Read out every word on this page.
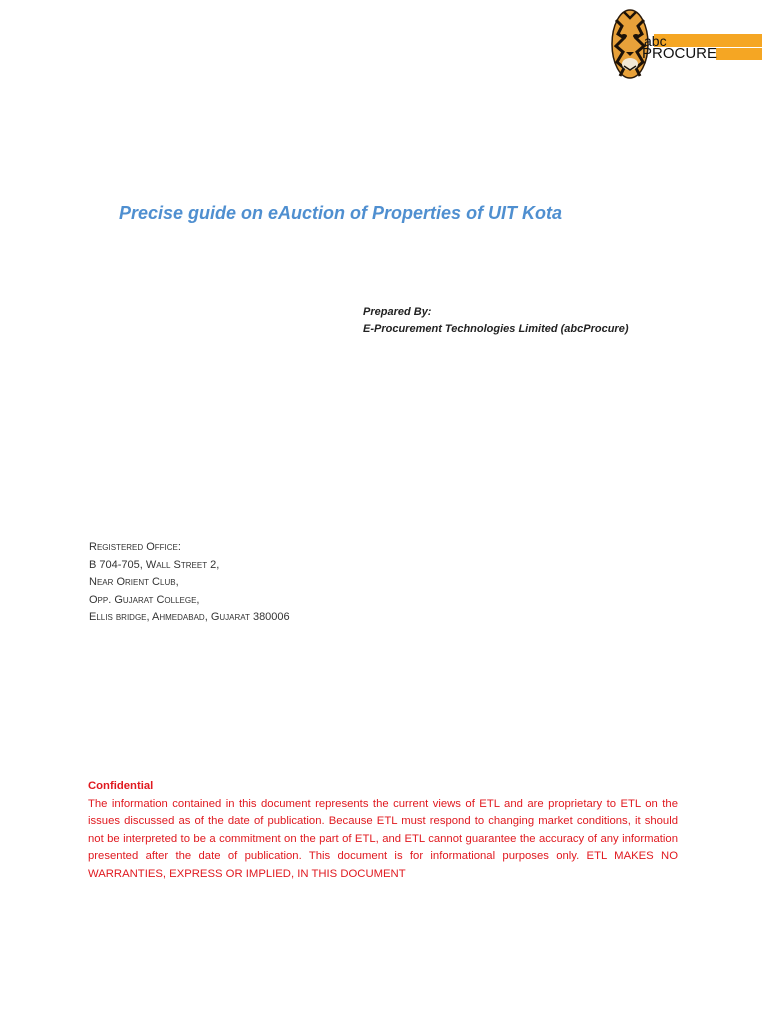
abc
PROCURE
Precise guide on eAuction of Properties of UIT Kota
Prepared By:
E-Procurement Technologies Limited (abcProcure)
Registered Office:
B 704-705, Wall Street 2,
Near Orient Club,
Opp. Gujarat College,
Ellis bridge, Ahmedabad, Gujarat 380006
Confidential
The information contained in this document represents the current views of ETL and are proprietary to ETL on the issues discussed as of the date of publication. Because ETL must respond to changing market conditions, it should not be interpreted to be a commitment on the part of ETL, and ETL cannot guarantee the accuracy of any information presented after the date of publication. This document is for informational purposes only. ETL MAKES NO WARRANTIES, EXPRESS OR IMPLIED, IN THIS DOCUMENT
